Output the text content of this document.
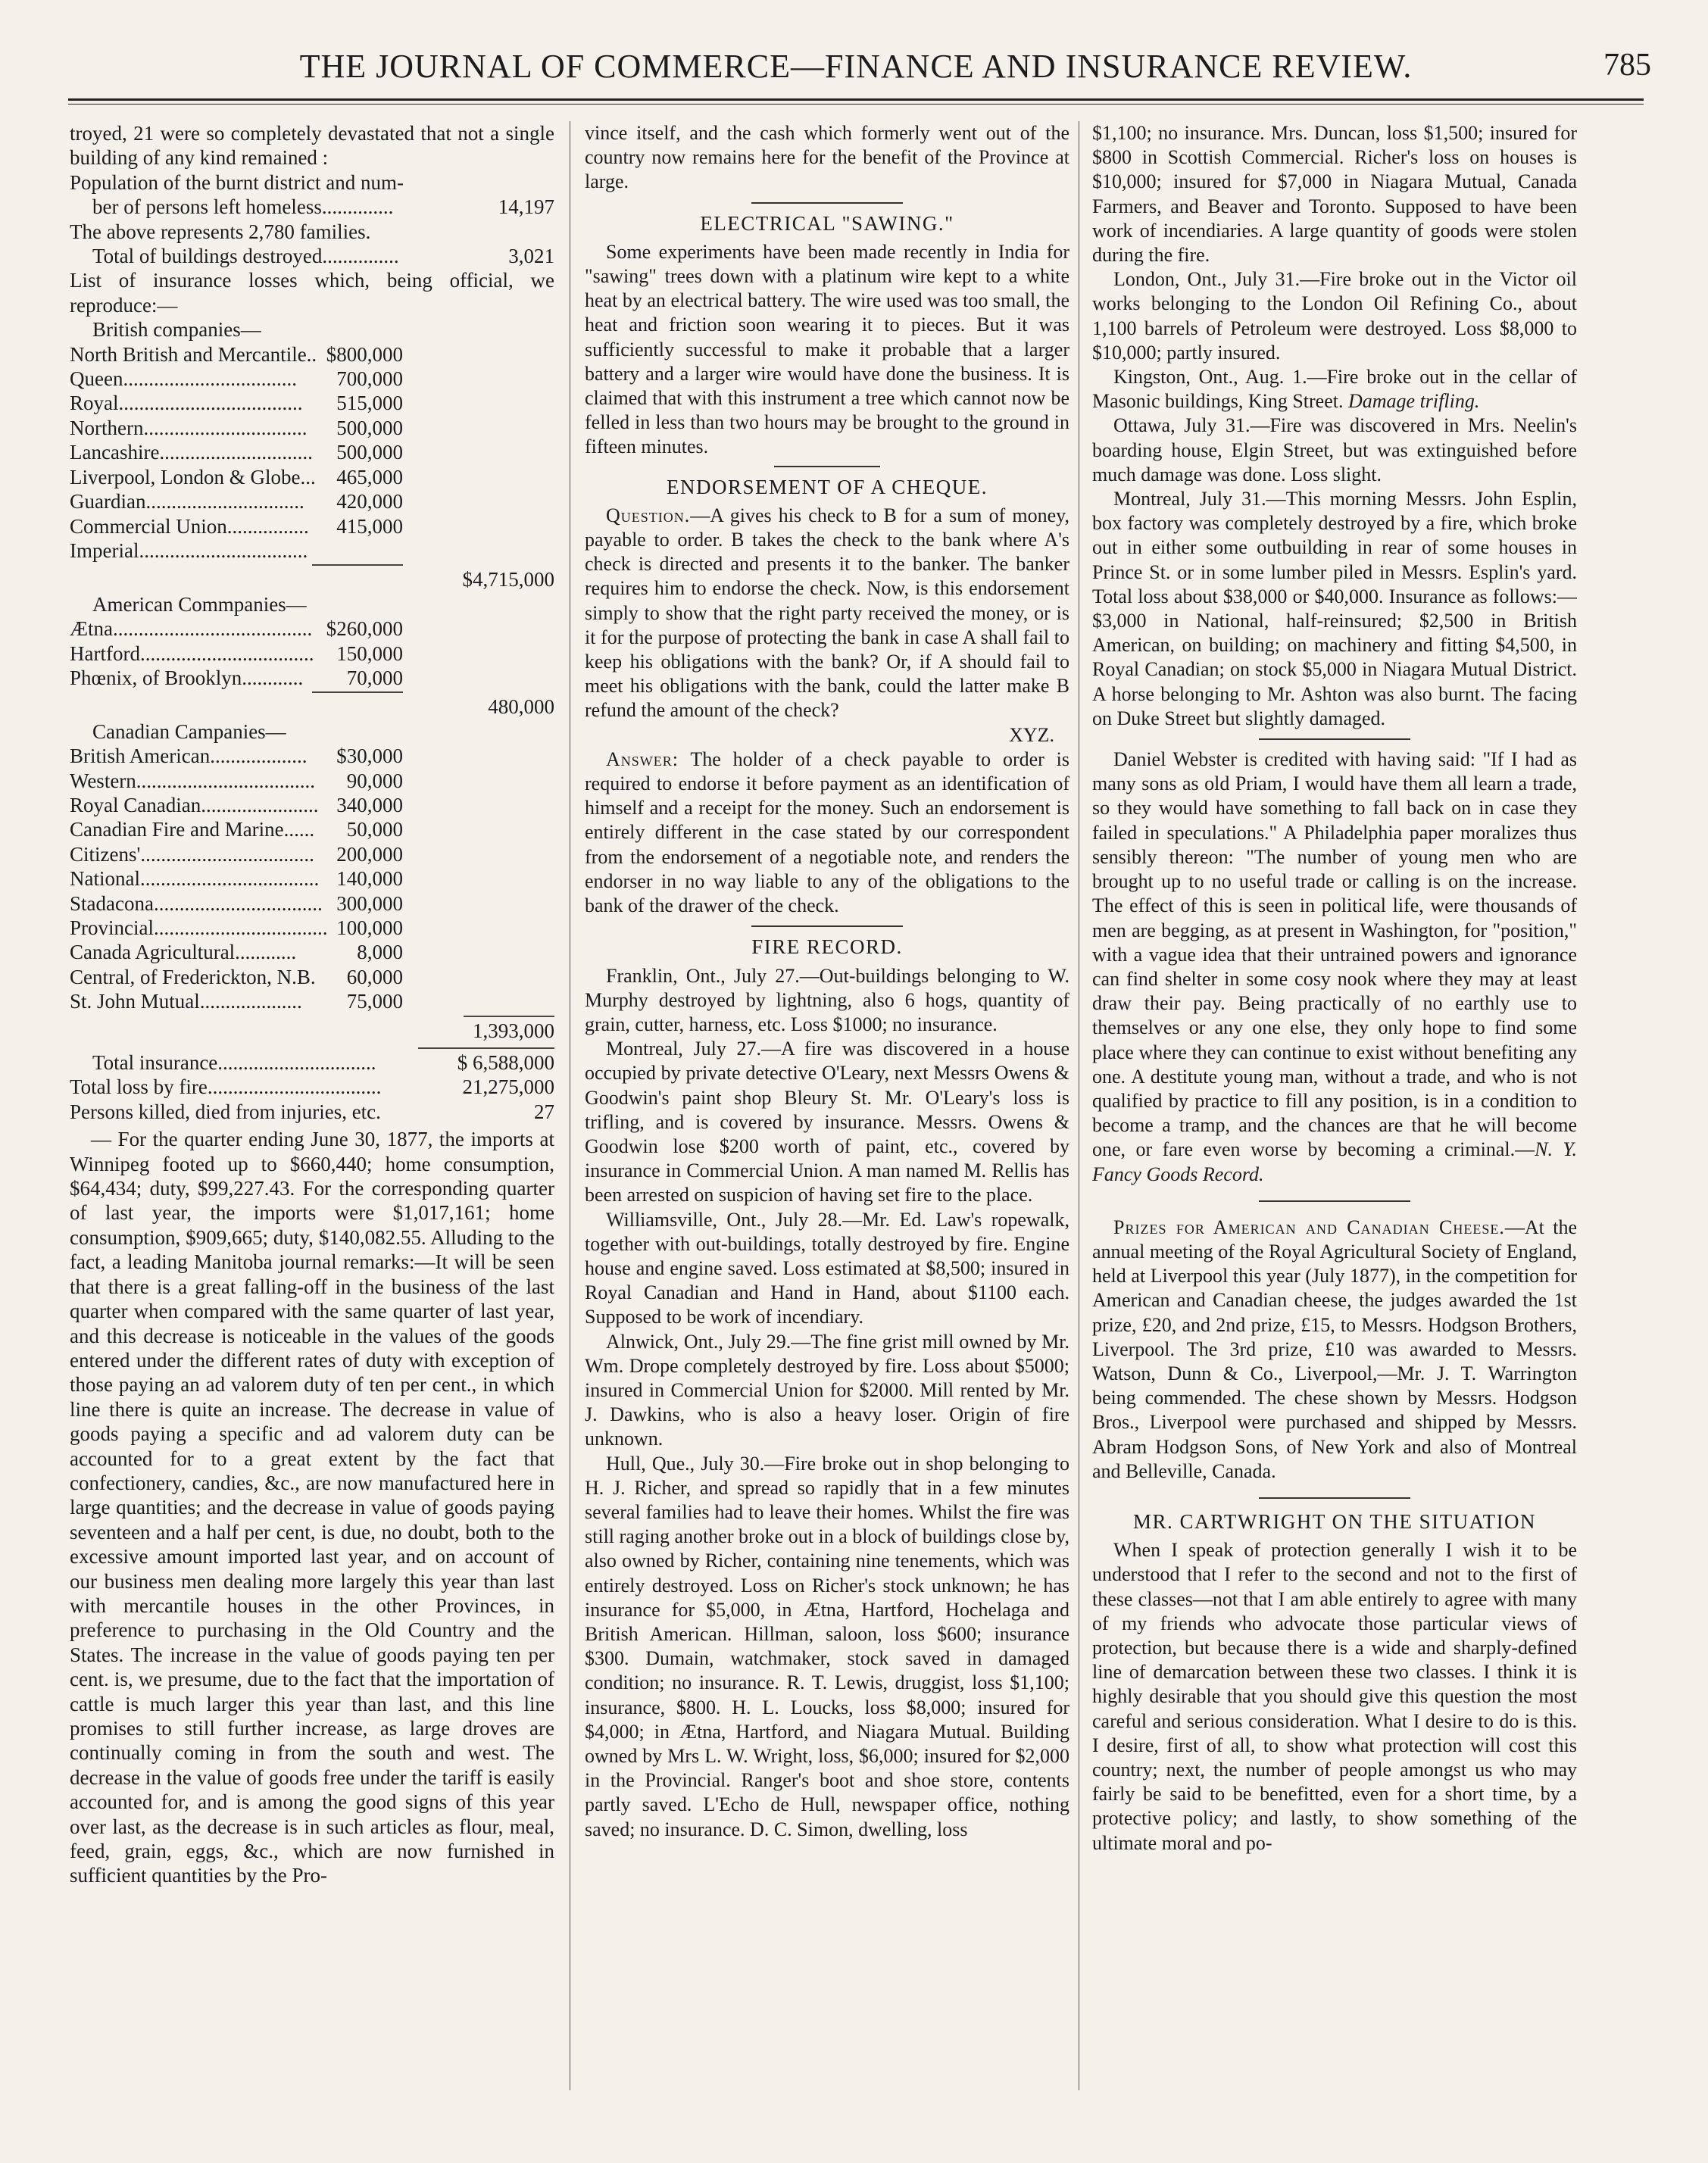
THE JOURNAL OF COMMERCE—FINANCE AND INSURANCE REVIEW.	785

troyed, 21 were so completely devastated that not a single building of any kind remained :

Population of the burnt district and num-
ber of persons left homeless..............	14,197
The above represents 2,780 families.
Total of buildings destroyed...............	3,021
List of insurance losses which, being official, we reproduce:—
British companies—
North British and Mercantile.. $800,000
Queen.................................. 700,000
Royal.................................... 515,000
Northern................................ 500,000
Lancashire.............................. 500,000
Liverpool, London & Globe... 465,000
Guardian............................... 420,000
Commercial Union................ 415,000
Imperial.................................
$4,715,000
American Commpanies—
Ætna....................................... $260,000
Hartford.................................. 150,000
Phœnix, of Brooklyn............ 70,000
480,000
Canadian Campanies—
British American................... $30,000
Western................................... 90,000
Royal Canadian....................... 340,000
Canadian Fire and Marine...... 50,000
Citizens'.................................. 200,000
National................................... 140,000
Stadacona................................. 300,000
Provincial.................................. 100,000
Canada Agricultural............	8,000
Central, of Frederickton, N.B. 60,000
St. John Mutual.................... 75,000
1,393,000
Total insurance...............................	$ 6,588,000
Total loss by fire..................................	21,275,000
Persons killed, died from injuries, etc.	27

— For the quarter ending June 30, 1877, the imports at Winnipeg footed up to $660,440; home consumption, $64,434; duty, $99,227.43. For the corresponding quarter of last year, the imports were $1,017,161; home consumption, $909,665; duty, $140,082.55. Alluding to the fact, a leading Manitoba journal remarks:—It will be seen that there is a great falling-off in the business of the last quarter when compared with the same quarter of last year, and this decrease is noticeable in the values of the goods entered under the different rates of duty with exception of those paying an ad valorem duty of ten per cent., in which line there is quite an increase. The decrease in value of goods paying a specific and ad valorem duty can be accounted for to a great extent by the fact that confectionery, candies, &c., are now manufactured here in large quantities; and the decrease in value of goods paying seventeen and a half per cent, is due, no doubt, both to the excessive amount imported last year, and on account of our business men dealing more largely this year than last with mercantile houses in the other Provinces, in preference to purchasing in the Old Country and the States. The increase in the value of goods paying ten per cent. is, we presume, due to the fact that the importation of cattle is much larger this year than last, and this line promises to still further increase, as large droves are continually coming in from the south and west. The decrease in the value of goods free under the tariff is easily accounted for, and is among the good signs of this year over last, as the decrease is in such articles as flour, meal, feed, grain, eggs, &c., which are now furnished in sufficient quantities by the Pro-

vince itself, and the cash which formerly went out of the country now remains here for the benefit of the Province at large.

ELECTRICAL "SAWING."

Some experiments have been made recently in India for "sawing" trees down with a platinum wire kept to a white heat by an electrical battery. The wire used was too small, the heat and friction soon wearing it to pieces. But it was sufficiently successful to make it probable that a larger battery and a larger wire would have done the business. It is claimed that with this instrument a tree which cannot now be felled in less than two hours may be brought to the ground in fifteen minutes.

ENDORSEMENT OF A CHEQUE.

Question.—A gives his check to B for a sum of money, payable to order. B takes the check to the bank where A's check is directed and presents it to the banker. The banker requires him to endorse the check. Now, is this endorsement simply to show that the right party received the money, or is it for the purpose of protecting the bank in case A shall fail to keep his obligations with the bank? Or, if A should fail to meet his obligations with the bank, could the latter make B refund the amount of the check?

XYZ.

Answer: The holder of a check payable to order is required to endorse it before payment as an identification of himself and a receipt for the money. Such an endorsement is entirely different in the case stated by our correspondent from the endorsement of a negotiable note, and renders the endorser in no way liable to any of the obligations to the bank of the drawer of the check.

FIRE RECORD.

Franklin, Ont., July 27.—Out-buildings belonging to W. Murphy destroyed by lightning, also 6 hogs, quantity of grain, cutter, harness, etc. Loss $1000; no insurance.

Montreal, July 27.—A fire was discovered in a house occupied by private detective O'Leary, next Messrs Owens & Goodwin's paint shop Bleury St. Mr. O'Leary's loss is trifling, and is covered by insurance. Messrs. Owens & Goodwin lose $200 worth of paint, etc., covered by insurance in Commercial Union. A man named M. Rellis has been arrested on suspicion of having set fire to the place.

Williamsville, Ont., July 28.—Mr. Ed. Law's ropewalk, together with out-buildings, totally destroyed by fire. Engine house and engine saved. Loss estimated at $8,500; insured in Royal Canadian and Hand in Hand, about $1100 each. Supposed to be work of incendiary.

Alnwick, Ont., July 29.—The fine grist mill owned by Mr. Wm. Drope completely destroyed by fire. Loss about $5000; insured in Commercial Union for $2000. Mill rented by Mr. J. Dawkins, who is also a heavy loser. Origin of fire unknown.

Hull, Que., July 30.—Fire broke out in shop belonging to H. J. Richer, and spread so rapidly that in a few minutes several families had to leave their homes. Whilst the fire was still raging another broke out in a block of buildings close by, also owned by Richer, containing nine tenements, which was entirely destroyed. Loss on Richer's stock unknown; he has insurance for $5,000, in Ætna, Hartford, Hochelaga and British American. Hillman, saloon, loss $600; insurance $300. Dumain, watchmaker, stock saved in damaged condition; no insurance. R. T. Lewis, druggist, loss $1,100; insurance, $800. H. L. Loucks, loss $8,000; insured for $4,000; in Ætna, Hartford, and Niagara Mutual. Building owned by Mrs L. W. Wright, loss, $6,000; insured for $2,000 in the Provincial. Ranger's boot and shoe store, contents partly saved. L'Echo de Hull, newspaper office, nothing saved; no insurance. D. C. Simon, dwelling, loss

$1,100; no insurance. Mrs. Duncan, loss $1,500; insured for $800 in Scottish Commercial. Richer's loss on houses is $10,000; insured for $7,000 in Niagara Mutual, Canada Farmers, and Beaver and Toronto. Supposed to have been work of incendiaries. A large quantity of goods were stolen during the fire.

London, Ont., July 31.—Fire broke out in the Victor oil works belonging to the London Oil Refining Co., about 1,100 barrels of Petroleum were destroyed. Loss $8,000 to $10,000; partly insured.

Kingston, Ont., Aug. 1.—Fire broke out in the cellar of Masonic buildings, King Street. Damage trifling.

Ottawa, July 31.—Fire was discovered in Mrs. Neelin's boarding house, Elgin Street, but was extinguished before much damage was done. Loss slight.

Montreal, July 31.—This morning Messrs. John Esplin, box factory was completely destroyed by a fire, which broke out in either some outbuilding in rear of some houses in Prince St. or in some lumber piled in Messrs. Esplin's yard. Total loss about $38,000 or $40,000. Insurance as follows:—$3,000 in National, half-reinsured; $2,500 in British American, on building; on machinery and fitting $4,500, in Royal Canadian; on stock $5,000 in Niagara Mutual District. A horse belonging to Mr. Ashton was also burnt. The facing on Duke Street but slightly damaged.

Daniel Webster is credited with having said: "If I had as many sons as old Priam, I would have them all learn a trade, so they would have something to fall back on in case they failed in speculations." A Philadelphia paper moralizes thus sensibly thereon: "The number of young men who are brought up to no useful trade or calling is on the increase. The effect of this is seen in political life, were thousands of men are begging, as at present in Washington, for "position," with a vague idea that their untrained powers and ignorance can find shelter in some cosy nook where they may at least draw their pay. Being practically of no earthly use to themselves or any one else, they only hope to find some place where they can continue to exist without benefiting any one. A destitute young man, without a trade, and who is not qualified by practice to fill any position, is in a condition to become a tramp, and the chances are that he will become one, or fare even worse by becoming a criminal.—N. Y. Fancy Goods Record.

Prizes for American and Canadian Cheese.—At the annual meeting of the Royal Agricultural Society of England, held at Liverpool this year (July 1877), in the competition for American and Canadian cheese, the judges awarded the 1st prize, £20, and 2nd prize, £15, to Messrs. Hodgson Brothers, Liverpool. The 3rd prize, £10 was awarded to Messrs. Watson, Dunn & Co., Liverpool,—Mr. J. T. Warrington being commended. The chese shown by Messrs. Hodgson Bros., Liverpool were purchased and shipped by Messrs. Abram Hodgson Sons, of New York and also of Montreal and Belleville, Canada.

MR. CARTWRIGHT ON THE SITUATION

When I speak of protection generally I wish it to be understood that I refer to the second and not to the first of these classes—not that I am able entirely to agree with many of my friends who advocate those particular views of protection, but because there is a wide and sharply-defined line of demarcation between these two classes. I think it is highly desirable that you should give this question the most careful and serious consideration. What I desire to do is this. I desire, first of all, to show what protection will cost this country; next, the number of people amongst us who may fairly be said to be benefitted, even for a short time, by a protective policy; and lastly, to show something of the ultimate moral and po-
